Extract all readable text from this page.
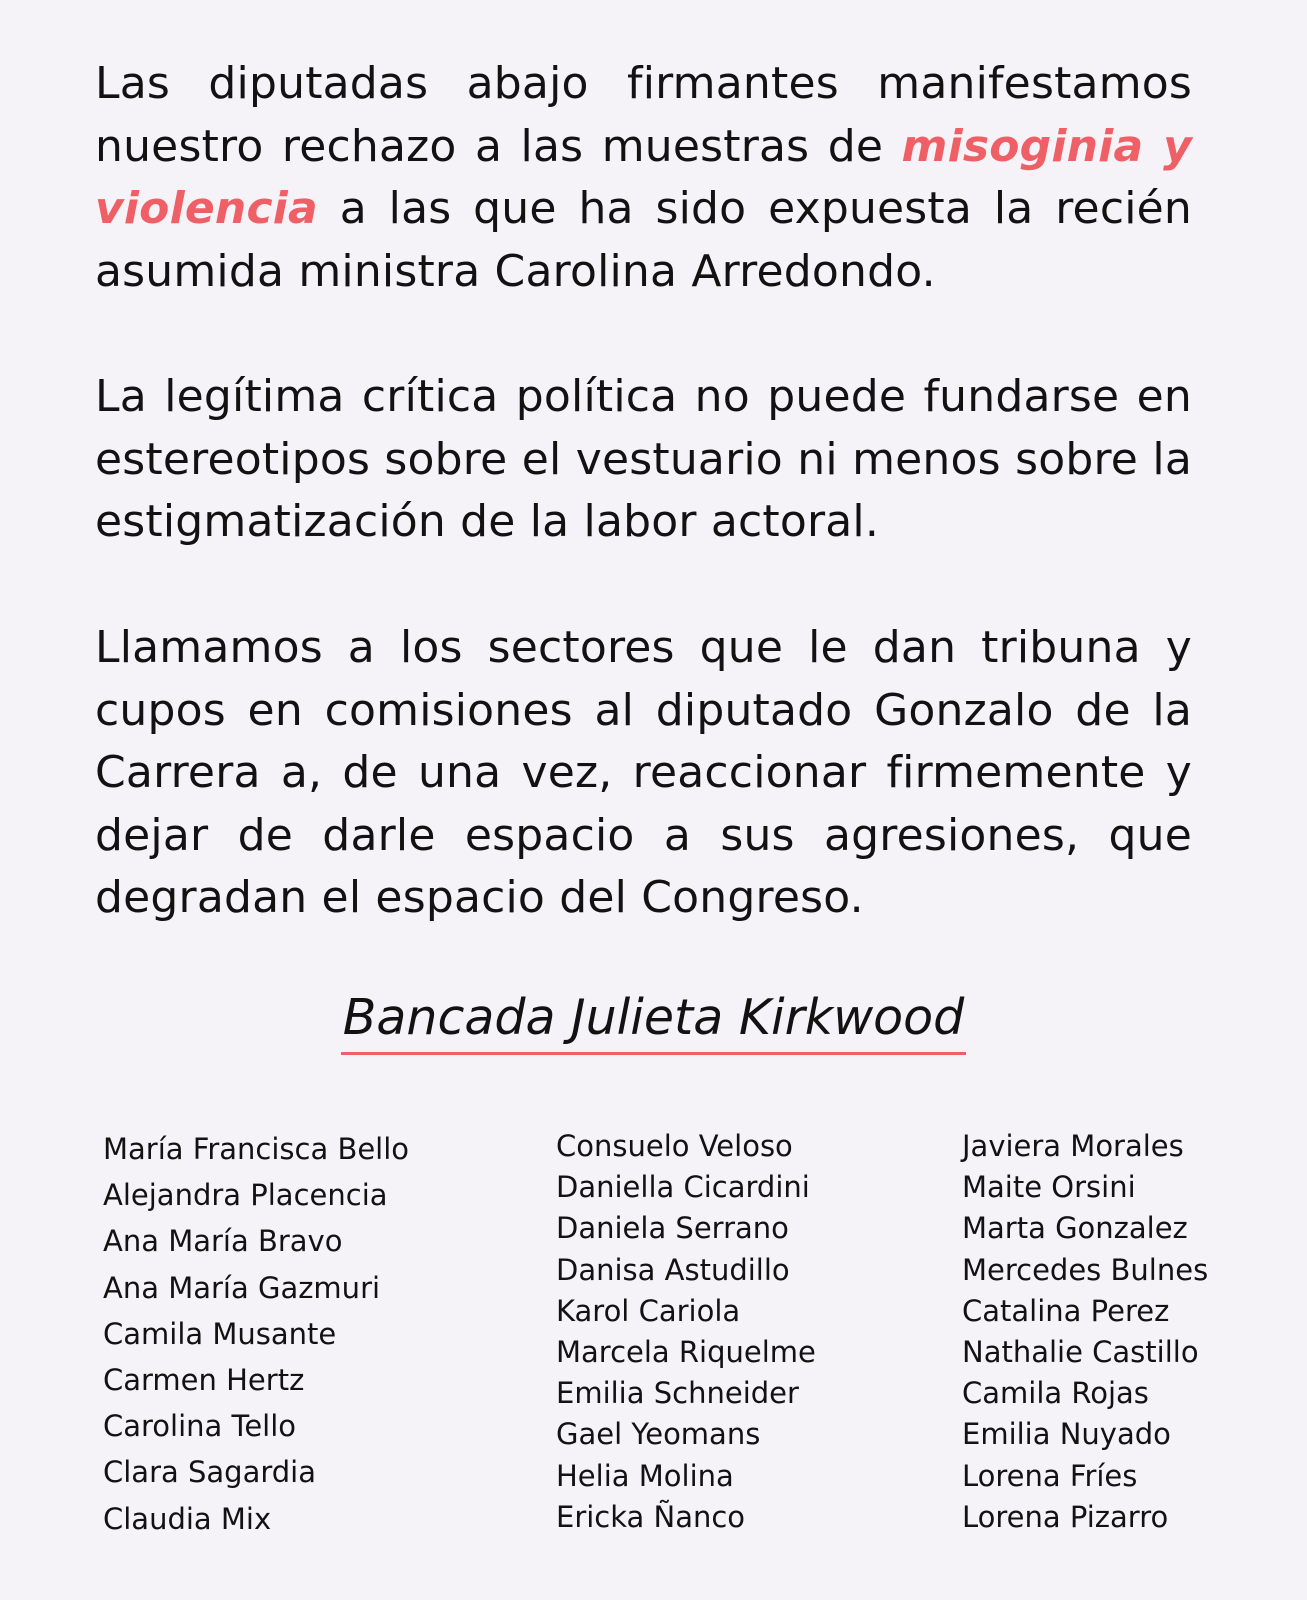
Las diputadas abajo firmantes manifestamos nuestro rechazo a las muestras de misoginia y violencia a las que ha sido expuesta la recién asumida ministra Carolina Arredondo.

La legítima crítica política no puede fundarse en estereotipos sobre el vestuario ni menos sobre la estigmatización de la labor actoral.

Llamamos a los sectores que le dan tribuna y cupos en comisiones al diputado Gonzalo de la Carrera a, de una vez, reaccionar firmemente y dejar de darle espacio a sus agresiones, que degradan el espacio del Congreso.

Bancada Julieta Kirkwood
María Francisca Bello
Alejandra Placencia
Ana María Bravo
Ana María Gazmuri
Camila Musante
Carmen Hertz
Carolina Tello
Clara Sagardia
Claudia Mix
Consuelo Veloso
Daniella Cicardini
Daniela Serrano
Danisa Astudillo
Karol Cariola
Marcela Riquelme
Emilia Schneider
Gael Yeomans
Helia Molina
Ericka Ñanco
Javiera Morales
Maite Orsini
Marta Gonzalez
Mercedes Bulnes
Catalina Perez
Nathalie Castillo
Camila Rojas
Emilia Nuyado
Lorena Fríes
Lorena Pizarro
